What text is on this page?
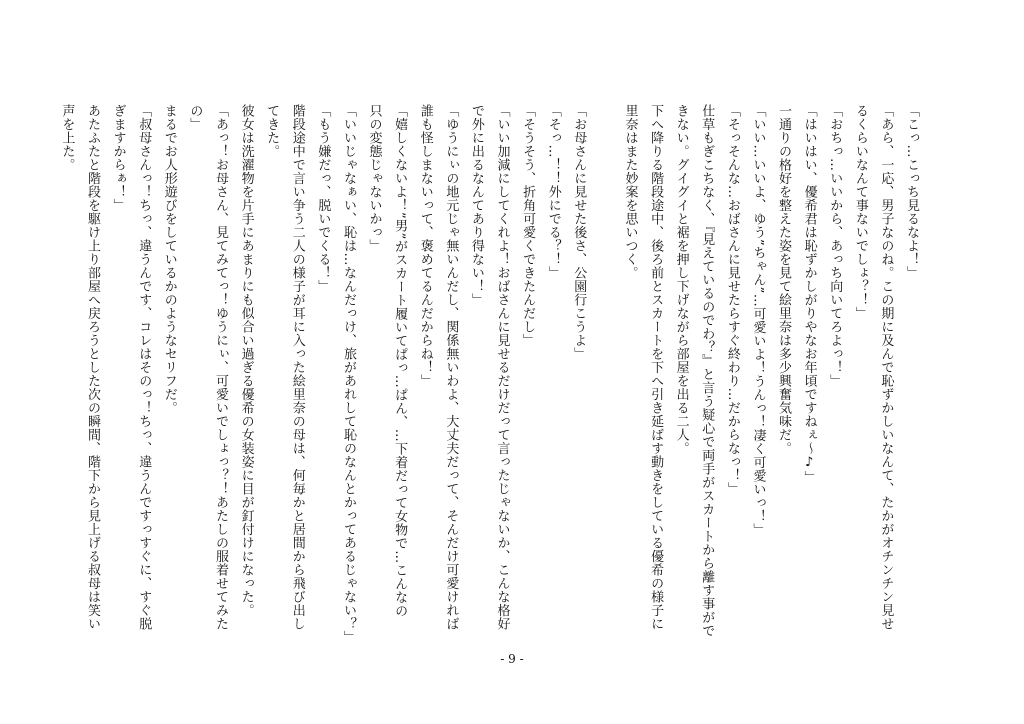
「こっ…こっち見るなよ！」
「あら、一応、男子なのね。この期に及んで恥ずかしいなんて、たかがオチンチン見せ
るくらいなんて事ないでしょ？！」
「おちっ…いいから、あっち向いてろよっ！」
「はいはい、優希君は恥ずかしがりやなお年頃ですねぇ～♪」
一通りの格好を整えた姿を見て絵里奈は多少興奮気味だ。
「いい…いいよ、ゆう”ちゃん”…可愛いよ！うんっ！凄く可愛いっ！」
「そっそんな…おばさんに見せたらすぐ終わり…だからなっ！」
仕草もぎこちなく、『見えているのでわ？』と言う疑心で両手がスカートから離す事がで
きない。グイグイと裾を押し下げながら部屋を出る二人。
下へ降りる階段途中、後ろ前とスカートを下へ引き延ばす動きをしている優希の様子に
里奈はまた妙案を思いつく。

「お母さんに見せた後さ、公園行こうよ」
「そっ…！！外にでる？！」
「そうそう、折角可愛くできたんだし」
「いい加減にしてくれよ！おばさんに見せるだけだって言ったじゃないか、こんな格好
で外に出るなんてあり得ない！」
「ゆうにぃの地元じゃ無いんだし、関係無いわよ、大丈夫だって、そんだけ可愛ければ
誰も怪しまないって、褒めてるんだからね！」
「嬉しくないよ！”男”がスカート履いてぱっ…ぱん、…下着だって女物で…こんなの
只の変態じゃないかっ」
「いいじゃなぁい、恥は…なんだっけ、旅があれして恥のなんとかってあるじゃない？」
「もう嫌だっ、脱いでくる！」
階段途中で言い争う二人の様子が耳に入った絵里奈の母は、何毎かと居間から飛び出し
てきた。
彼女は洗濯物を片手にあまりにも似合い過ぎる優希の女装姿に目が釘付けになった。
「あっ！お母さん、見てみてっ！ゆうにぃ、可愛いでしょっ？！あたしの服着せてみた
の」
まるでお人形遊びをしているかのようなセリフだ。
「叔母さんっ！ちっ、違うんです、コレはそのっ！ちっ、違うんですっすぐに、すぐ脱
ぎますからぁ！」
あたふたと階段を駆け上り部屋へ戻ろうとした次の瞬間、階下から見上げる叔母は笑い
声を上た。
- 9 -
